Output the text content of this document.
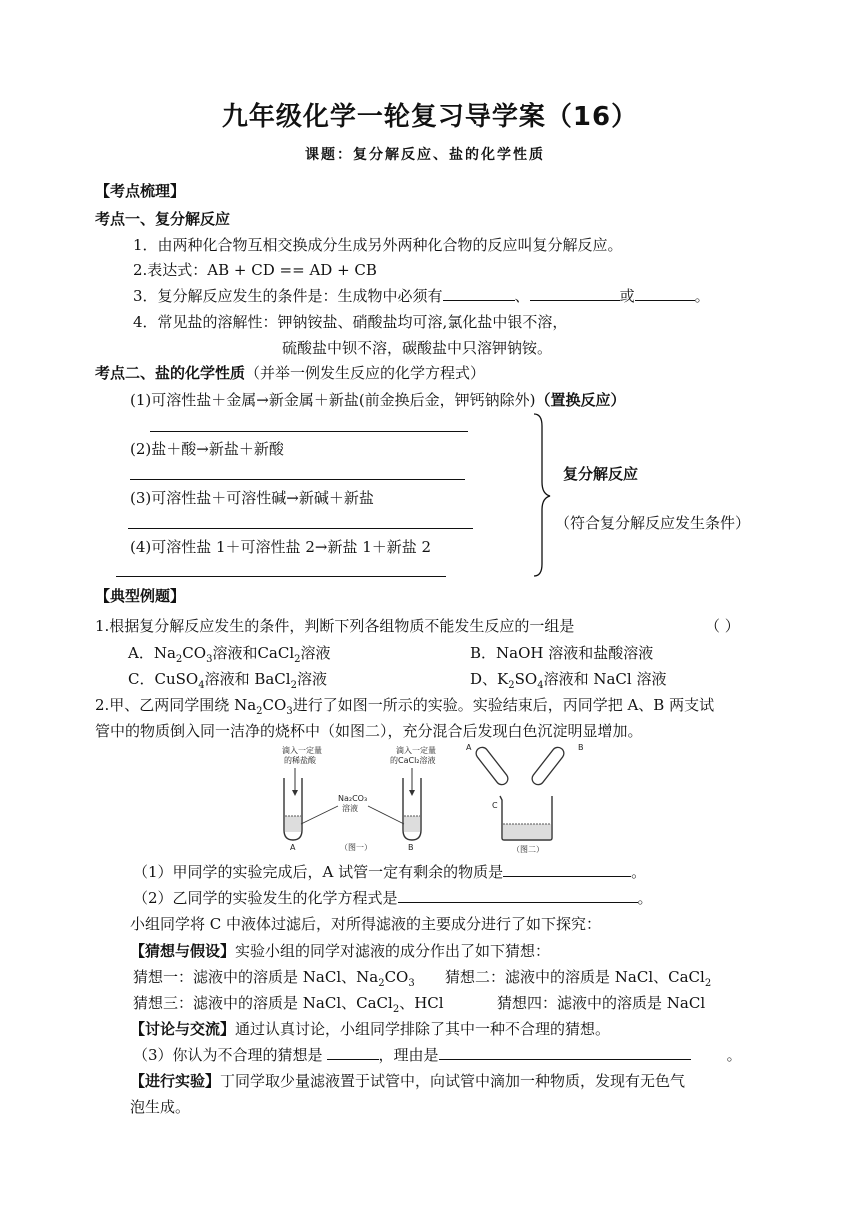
九年级化学一轮复习导学案（16）
课题：复分解反应、盐的化学性质
【考点梳理】
考点一、复分解反应
1．由两种化合物互相交换成分生成另外两种化合物的反应叫复分解反应。
2.表达式：AB + CD == AD + CB
3．复分解反应发生的条件是：生成物中必须有	、	或	。
4．常见盐的溶解性：钾钠铵盐、硝酸盐均可溶,氯化盐中银不溶，
硫酸盐中钡不溶，碳酸盐中只溶钾钠铵。
考点二、盐的化学性质（并举一例发生反应的化学方程式）
(1)可溶性盐＋金属→新金属＋新盐(前金换后金，钾钙钠除外)（置换反应）
(2)盐＋酸→新盐＋新酸
(3)可溶性盐＋可溶性碱→新碱＋新盐
(4)可溶性盐 1＋可溶性盐 2→新盐 1＋新盐 2
复分解反应
（符合复分解反应发生条件）
【典型例题】
1.根据复分解反应发生的条件，判断下列各组物质不能发生反应的一组是	（ ）
A．$Na_2CO_3$溶液和CaCl$_2$溶液	B．NaOH 溶液和盐酸溶液
C．CuSO$_4$溶液和 BaCl$_2$溶液	D、$K_2SO_4$溶液和 NaCl 溶液
2.甲、乙两同学围绕 $Na_2CO_3$进行了如图一所示的实验。实验结束后，丙同学把 A、B 两支试
管中的物质倒入同一洁净的烧杯中（如图二），充分混合后发现白色沉淀明显增加。
滴入一定量
的稀盐酸
A
滴入一定量
的CaCl₂溶液
B
Na₂CO₃
溶液
（图一）
A	B
C
（图二）
（1）甲同学的实验完成后，A 试管一定有剩余的物质是	。
（2）乙同学的实验发生的化学方程式是	。
小组同学将 C 中液体过滤后，对所得滤液的主要成分进行了如下探究：
【猜想与假设】实验小组的同学对滤液的成分作出了如下猜想：
猜想一：滤液中的溶质是 NaCl、$Na_2CO_3$ 猜想二：滤液中的溶质是 NaCl、CaCl$_2$
猜想三：滤液中的溶质是 NaCl、CaCl$_2$、HCl	猜想四：滤液中的溶质是 NaCl
【讨论与交流】通过认真讨论，小组同学排除了其中一种不合理的猜想。
（3）你认为不合理的猜想是	，理由是	。
【进行实验】丁同学取少量滤液置于试管中，向试管中滴加一种物质，发现有无色气
泡生成。
